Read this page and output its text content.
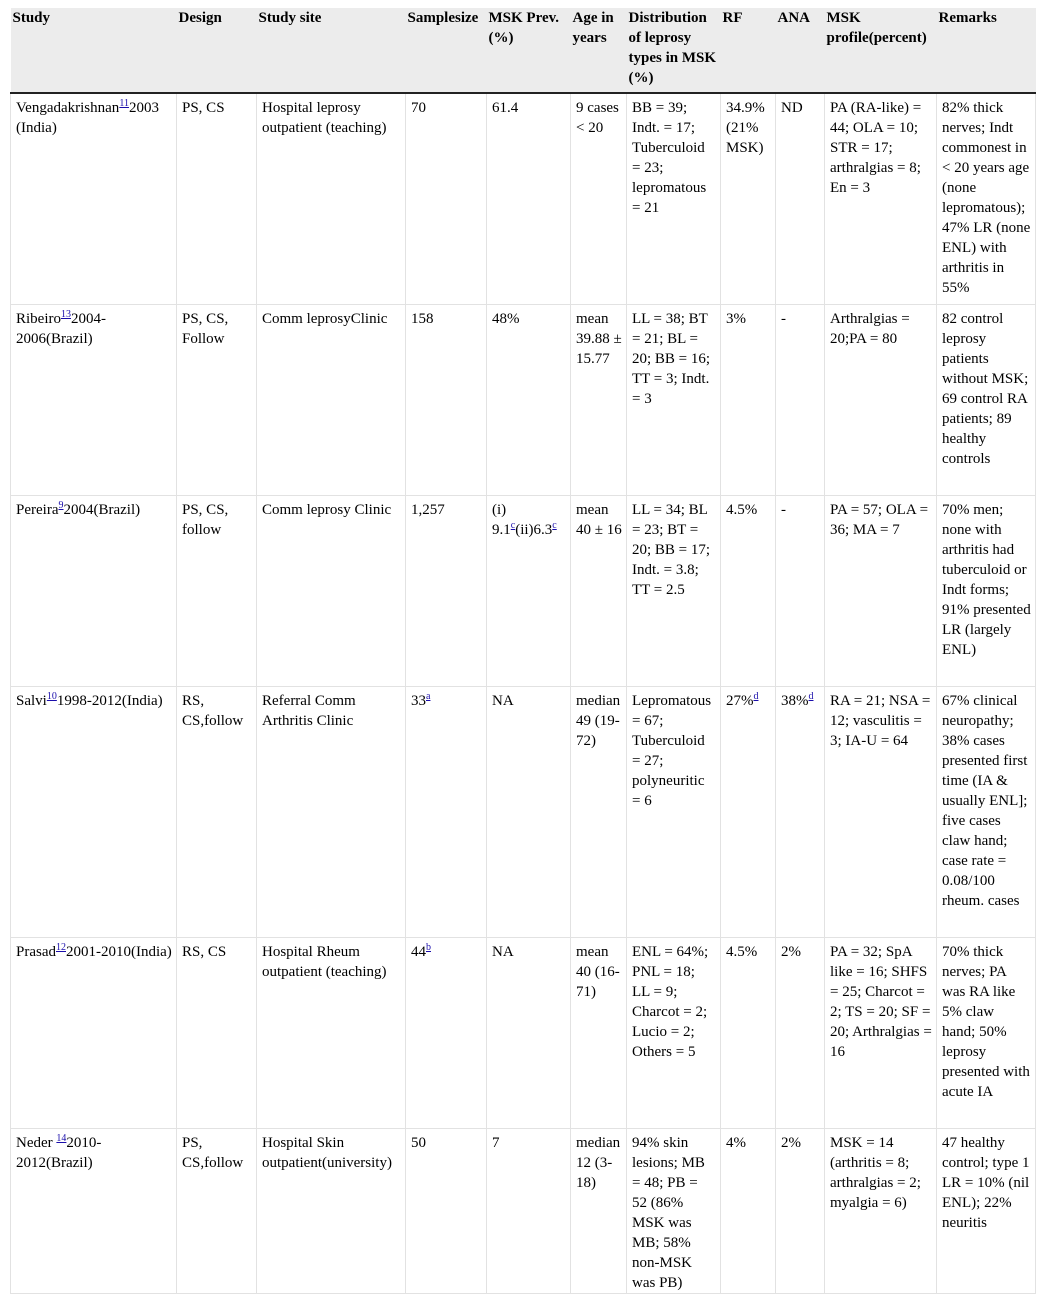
Study	Design	Study site	Samplesize	MSK Prev. (%)	Age in years	Distribution of leprosy types in MSK (%)	RF	ANA	MSK profile(percent)	Remarks
Vengadakrishnan$^{11}$2003 (India)	PS, CS	Hospital leprosy outpatient (teaching)	70	61.4	9 cases < 20	BB = 39; Indt. = 17; Tuberculoid = 23; lepromatous = 21	34.9% (21% MSK)	ND	PA (RA-like) = 44; OLA = 10; STR = 17; arthralgias = 8; En = 3	82% thick nerves; Indt commonest in < 20 years age (none lepromatous); 47% LR (none ENL) with arthritis in 55%
Ribeiro$^{13}$2004-2006(Brazil)	PS, CS, Follow	Comm leprosyClinic	158	48%	mean 39.88 ± 15.77	LL = 38; BT = 21; BL = 20; BB = 16; TT = 3; Indt. = 3	3%	-	Arthralgias = 20;PA = 80	82 control leprosy patients without MSK; 69 control RA patients; 89 healthy controls
Pereira$^9$2004(Brazil)	PS, CS, follow	Comm leprosy Clinic	1,257	(i) 9.1$^c$(ii)6.3$^c$	mean 40 ± 16	LL = 34; BL = 23; BT = 20; BB = 17; Indt. = 3.8; TT = 2.5	4.5%	-	PA = 57; OLA = 36; MA = 7	70% men; none with arthritis had tuberculoid or Indt forms; 91% presented LR (largely ENL)
Salvi$^{10}$1998-2012(India)	RS, CS,follow	Referral Comm Arthritis Clinic	33$^a$	NA	median 49 (19-72)	Lepromatous = 67; Tuberculoid = 27; polyneuritic = 6	27%$^d$	38%$^d$	RA = 21; NSA = 12; vasculitis = 3; IA-U = 64	67% clinical neuropathy; 38% cases presented first time (IA & usually ENL]; five cases claw hand; case rate = 0.08/100 rheum. cases
Prasad$^{12}$2001-2010(India)	RS, CS	Hospital Rheum outpatient (teaching)	44$^b$	NA	mean 40 (16-71)	ENL = 64%; PNL = 18; LL = 9; Charcot = 2; Lucio = 2; Others = 5	4.5%	2%	PA = 32; SpA like = 16; SHFS = 25; Charcot = 2; TS = 20; SF = 20; Arthralgias = 16	70% thick nerves; PA was RA like 5% claw hand; 50% leprosy presented with acute IA
Neder $^{14}$2010-2012(Brazil)	PS, CS,follow	Hospital Skin outpatient(university)	50	7	median 12 (3-18)	94% skin lesions; MB = 48; PB = 52 (86% MSK was MB; 58% non-MSK was PB)	4%	2%	MSK = 14 (arthritis = 8; arthralgias = 2; myalgia = 6)	47 healthy control; type 1 LR = 10% (nil ENL); 22% neuritis
